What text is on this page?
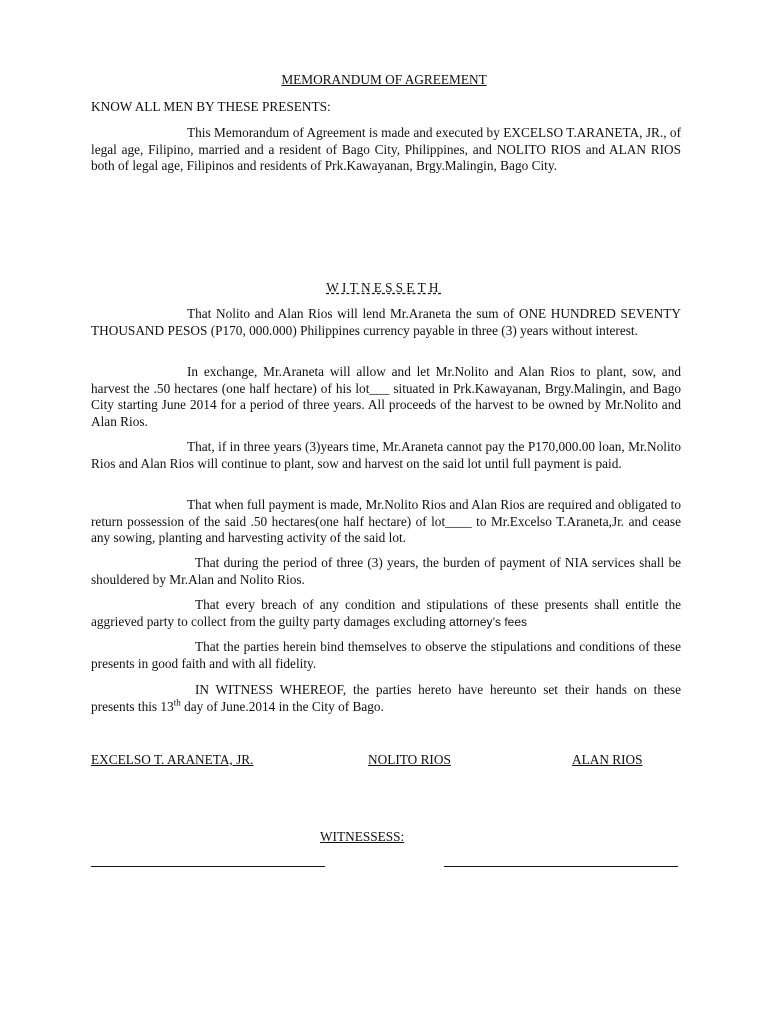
MEMORANDUM OF AGREEMENT
KNOW ALL MEN BY THESE PRESENTS:

This Memorandum of Agreement is made and executed by EXCELSO T.ARANETA, JR., of legal age, Filipino, married and a resident of Bago City, Philippines, and NOLITO RIOS and ALAN RIOS both of legal age, Filipinos and residents of Prk.Kawayanan, Brgy.Malingin, Bago City.

WITNESSETH

That Nolito and Alan Rios will lend Mr.Araneta the sum of ONE HUNDRED SEVENTY THOUSAND PESOS (P170, 000.000) Philippines currency payable in three (3) years without interest.

In exchange, Mr.Araneta will allow and let Mr.Nolito and Alan Rios to plant, sow, and harvest the .50 hectares (one half hectare) of his lot___ situated in Prk.Kawayanan, Brgy.Malingin, and Bago City starting June 2014 for a period of three years. All proceeds of the harvest to be owned by Mr.Nolito and Alan Rios.

That, if in three years (3)years time, Mr.Araneta cannot pay the P170,000.00 loan, Mr.Nolito Rios and Alan Rios will continue to plant, sow and harvest on the said lot until full payment is paid.

That when full payment is made, Mr.Nolito Rios and Alan Rios are required and obligated to return possession of the said .50 hectares(one half hectare) of lot____ to Mr.Excelso T.Araneta,Jr. and cease any sowing, planting and harvesting activity of the said lot.

That during the period of three (3) years, the burden of payment of NIA services shall be shouldered by Mr.Alan and Nolito Rios.

That every breach of any condition and stipulations of these presents shall entitle the aggrieved party to collect from the guilty party damages excluding attorney’s fees

That the parties herein bind themselves to observe the stipulations and conditions of these presents in good faith and with all fidelity.

IN WITNESS WHEREOF, the parties hereto have hereunto set their hands on these presents this 13th day of June.2014 in the City of Bago.

EXCELSO T. ARANETA, JR.	NOLITO RIOS	ALAN RIOS
WITNESSESS:
